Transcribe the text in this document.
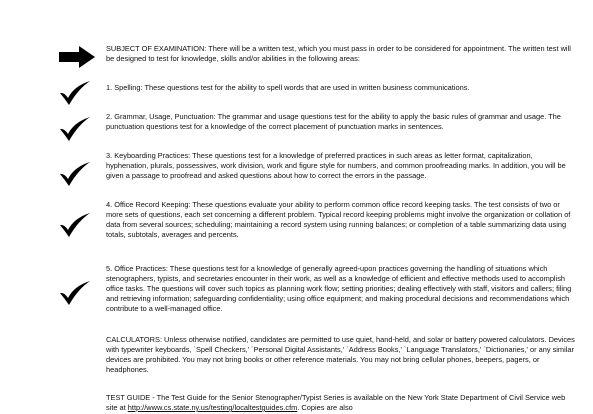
SUBJECT OF EXAMINATION: There will be a written test, which you must pass in order to be considered for appointment. The written test will be designed to test for knowledge, skills and/or abilities in the following areas:

1. Spelling: These questions test for the ability to spell words that are used in written business communications.

2. Grammar, Usage, Punctuation: The grammar and usage questions test for the ability to apply the basic rules of grammar and usage. The punctuation questions test for a knowledge of the correct placement of punctuation marks in sentences.

3. Keyboarding Practices: These questions test for a knowledge of preferred practices in such areas as letter format, capitalization, hyphenation, plurals, possessives, work division, work and figure style for numbers, and common proofreading marks. In addition, you will be given a passage to proofread and asked questions about how to correct the errors in the passage.

4. Office Record Keeping: These questions evaluate your ability to perform common office record keeping tasks. The test consists of two or more sets of questions, each set concerning a different problem. Typical record keeping problems might involve the organization or collation of data from several sources; scheduling; maintaining a record system using running balances; or completion of a table summarizing data using totals, subtotals, averages and percents.

5. Office Practices: These questions test for a knowledge of generally agreed-upon practices governing the handling of situations which stenographers, typists, and secretaries encounter in their work, as well as a knowledge of efficient and effective methods used to accomplish office tasks. The questions will cover such topics as planning work flow; setting priorities; dealing effectively with staff, visitors and callers; filing and retrieving information; safeguarding confidentiality; using office equipment; and making procedural decisions and recommendations which contribute to a well-managed office.

CALCULATORS: Unless otherwise notified, candidates are permitted to use quiet, hand-held, and solar or battery powered calculators. Devices with typewriter keyboards, `Spell Checkers,' `Personal Digital Assistants,' `Address Books,' `Language Translators,' `Dictionaries,' or any similar devices are prohibited. You may not bring books or other reference materials. You may not bring cellular phones, beepers, pagers, or headphones.

TEST GUIDE - The Test Guide for the Senior Stenographer/Typist Series is available on the New York State Department of Civil Service web site at http://www.cs.state.ny.us/testing/localtestguides.cfm. Copies are also
